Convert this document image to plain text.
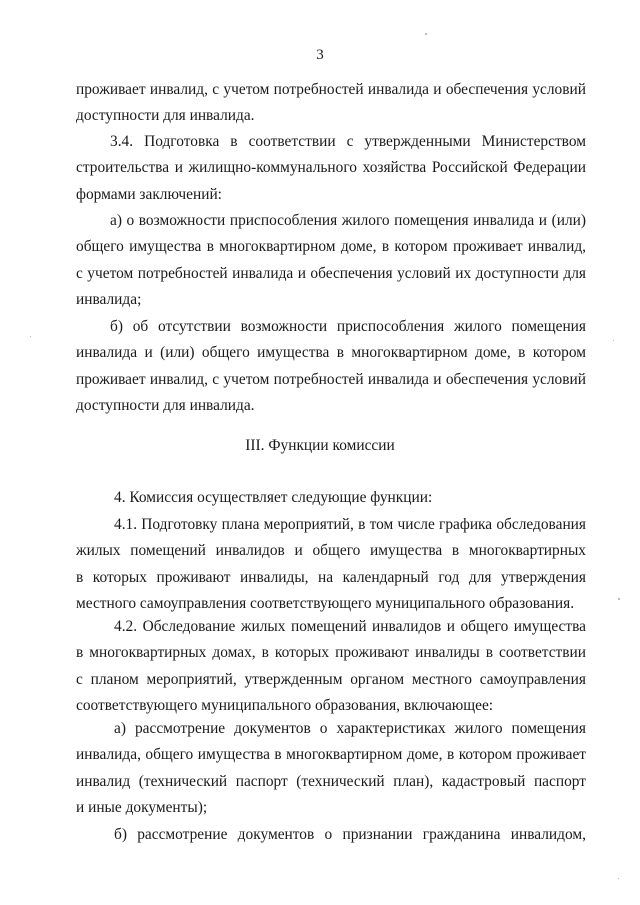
3
проживает инвалид, с учетом потребностей инвалида и обеспечения условий
доступности для инвалида.
3.4. Подготовка в соответствии с утвержденными Министерством
строительства и жилищно-коммунального хозяйства Российской Федерации
формами заключений:
а) о возможности приспособления жилого помещения инвалида и (или)
общего имущества в многоквартирном доме, в котором проживает инвалид,
с учетом потребностей инвалида и обеспечения условий их доступности для
инвалида;
б) об отсутствии возможности приспособления жилого помещения
инвалида и (или) общего имущества в многоквартирном доме, в котором
проживает инвалид, с учетом потребностей инвалида и обеспечения условий
доступности для инвалида.
III. Функции комиссии
4. Комиссия осуществляет следующие функции:
4.1. Подготовку плана мероприятий, в том числе графика обследования
жилых помещений инвалидов и общего имущества в многоквартирных
в которых проживают инвалиды, на календарный год для утверждения
местного самоуправления соответствующего муниципального образования.
4.2. Обследование жилых помещений инвалидов и общего имущества
в многоквартирных домах, в которых проживают инвалиды в соответствии
с планом мероприятий, утвержденным органом местного самоуправления
соответствующего муниципального образования, включающее:
а) рассмотрение документов о характеристиках жилого помещения
инвалида, общего имущества в многоквартирном доме, в котором проживает
инвалид (технический паспорт (технический план), кадастровый паспорт
и иные документы);
б) рассмотрение документов о признании гражданина инвалидом,
